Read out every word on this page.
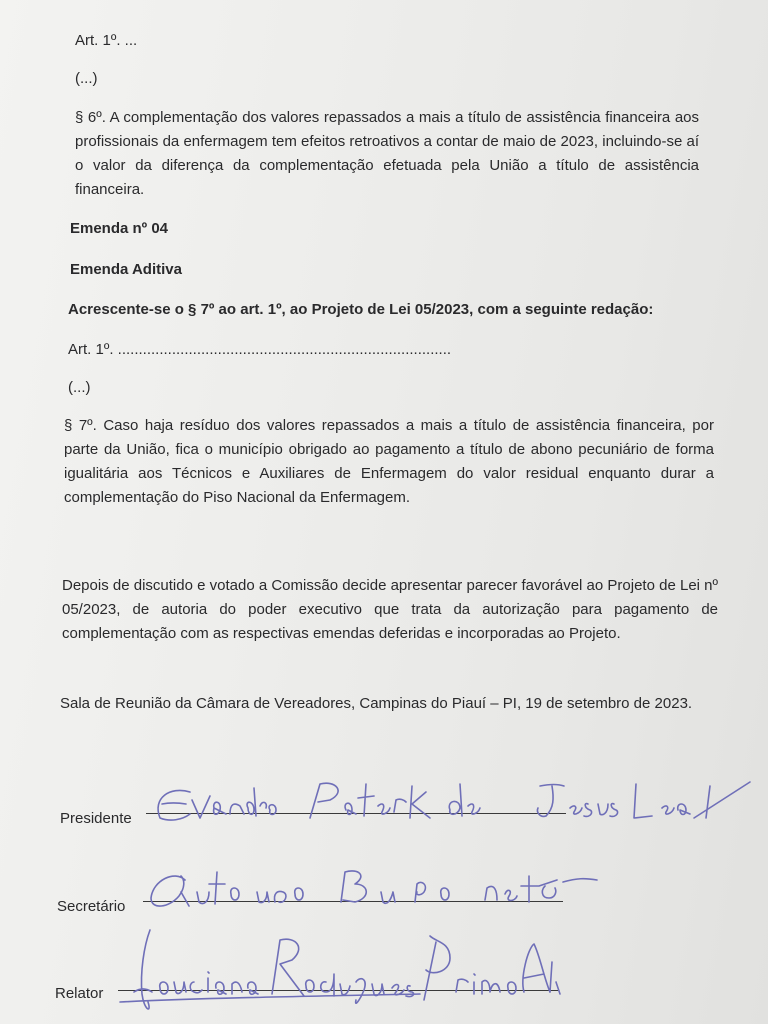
Art. 1º. ...
(...)
§ 6º. A complementação dos valores repassados a mais a título de assistência financeira aos profissionais da enfermagem tem efeitos retroativos a contar de maio de 2023, incluindo-se aí o valor da diferença da complementação efetuada pela União a título de assistência financeira.
Emenda nº 04
Emenda Aditiva
Acrescente-se o § 7º ao art. 1º, ao Projeto de Lei 05/2023, com a seguinte redação:
Art. 1º. ................................................................................
(...)
§ 7º. Caso haja resíduo dos valores repassados a mais a título de assistência financeira, por parte da União, fica o município obrigado ao pagamento a título de abono pecuniário de forma igualitária aos Técnicos e Auxiliares de Enfermagem do valor residual enquanto durar a complementação do Piso Nacional da Enfermagem.
Depois de discutido e votado a Comissão decide apresentar parecer favorável ao Projeto de Lei nº 05/2023, de autoria do poder executivo que trata da autorização para pagamento de complementação com as respectivas emendas deferidas e incorporadas ao Projeto.
Sala de Reunião da Câmara de Vereadores, Campinas do Piauí – PI, 19 de setembro de 2023.
Presidente
Secretário
Relator
